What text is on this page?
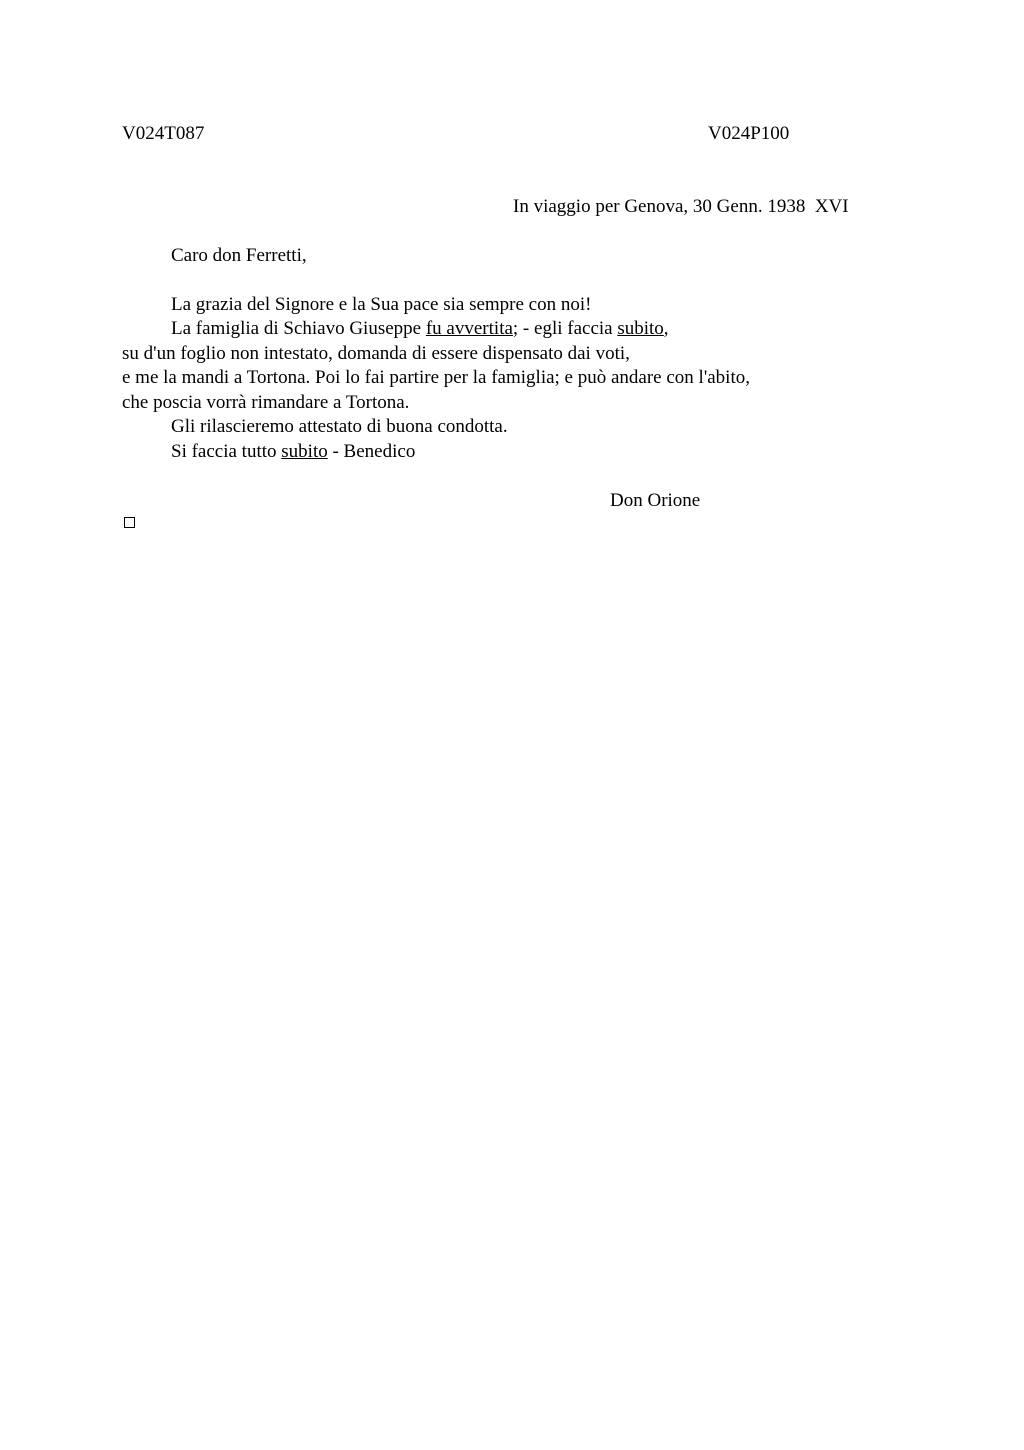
V024T087	V024P100
In viaggio per Genova, 30 Genn. 1938  XVI
Caro don Ferretti,
La grazia del Signore e la Sua pace sia sempre con noi!
La famiglia di Schiavo Giuseppe fu avvertita; - egli faccia subito,
su d'un foglio non intestato, domanda di essere dispensato dai voti,
e me la mandi a Tortona. Poi lo fai partire per la famiglia; e può andare con l'abito,
che poscia vorrà rimandare a Tortona.
Gli rilascieremo attestato di buona condotta.
Si faccia tutto subito - Benedico
Don Orione
